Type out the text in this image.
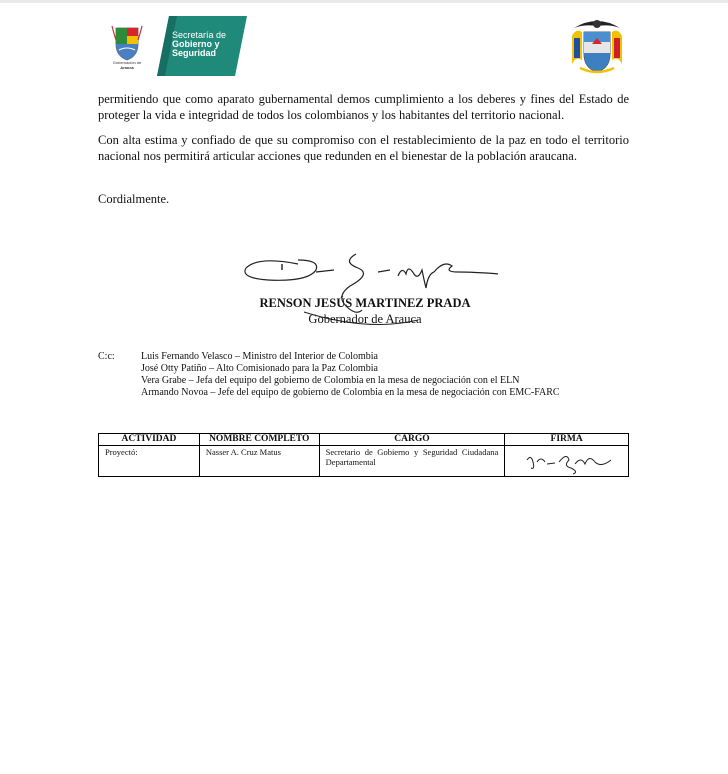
Gobernación de
Arauca
Secretaría de
Gobierno y
Seguridad
permitiendo que como aparato gubernamental demos cumplimiento a los deberes y fines del Estado de proteger la vida e integridad de todos los colombianos y los habitantes del territorio nacional.
Con alta estima y confiado de que su compromiso con el restablecimiento de la paz en todo el territorio nacional nos permitirá articular acciones que redunden en el bienestar de la población araucana.
Cordialmente.
RENSON JESÚS MARTINEZ PRADA
Gobernador de Arauca
C:c:	Luis Fernando Velasco – Ministro del Interior de Colombia
José Otty Patiño – Alto Comisionado para la Paz Colombia
Vera Grabe – Jefa del equipo del gobierno de Colombia en la mesa de negociación con el ELN
Armando Novoa – Jefe del equipo de gobierno de Colombia en la mesa de negociación con EMC-FARC
ACTIVIDAD	NOMBRE COMPLETO	CARGO	FIRMA
Proyectó:	Nasser A. Cruz Matus	Secretario de Gobierno y Seguridad Ciudadana Departamental	
